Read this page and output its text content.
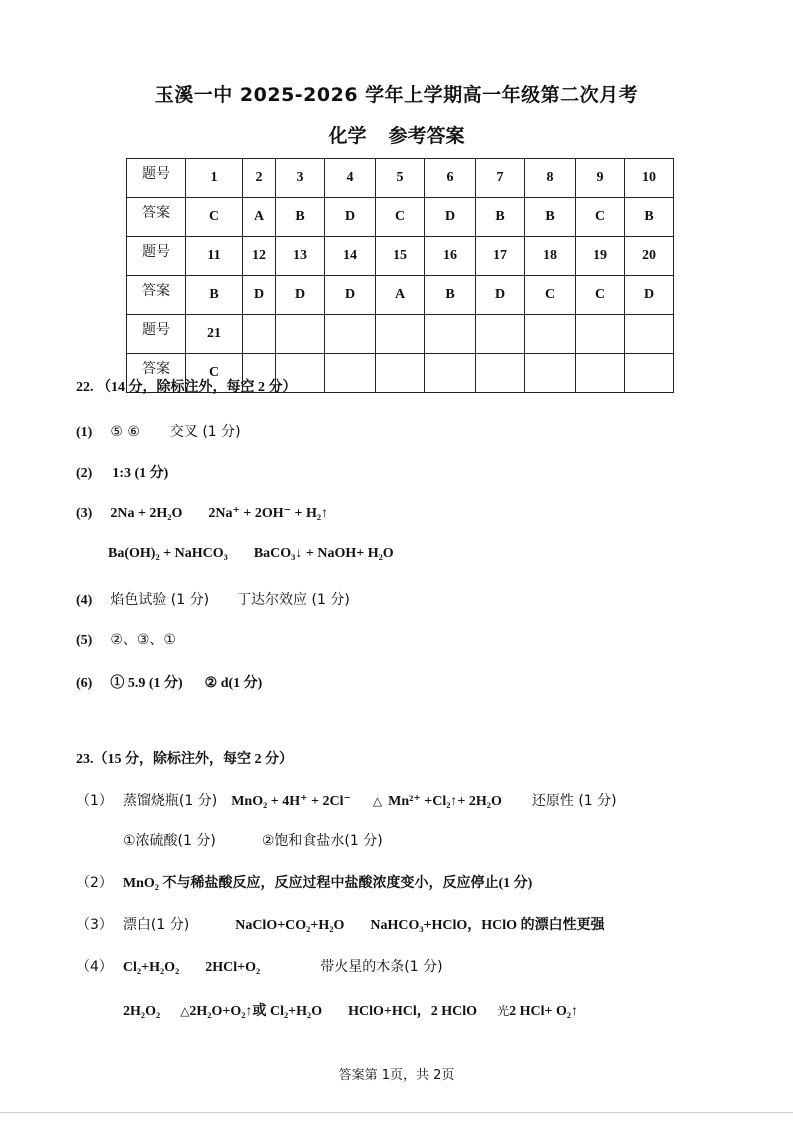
玉溪一中 2025-2026 学年上学期高一年级第二次月考
化学 参考答案
题号	1	2	3	4	5	6	7	8	9	10
答案	C	A	B	D	C	D	B	B	C	B
题号	11	12	13	14	15	16	17	18	19	20
答案	B	D	D	D	A	B	D	C	C	D
题号	21									
答案	C									
22. （14 分，除标注外，每空 2 分）
(1) ⑤ ⑥ 交叉 (1 分)
(2) 1:3 (1 分)
(3) 2Na + 2H₂O 2Na⁺ + 2OH⁻ + H₂↑
Ba(OH)₂ + NaHCO₃ BaCO₃↓ + NaOH+ H₂O
(4) 焰色试验 (1 分) 丁达尔效应 (1 分)
(5) ②、③、①
(6) ① 5.9 (1 分) ② d(1 分)
23.（15 分，除标注外，每空 2 分）
（1） 蒸馏烧瓶(1 分) MnO₂ + 4H⁺ + 2Cl⁻ △ Mn²⁺ +Cl₂↑+ 2H₂O 还原性 (1 分)
①浓硫酸(1 分)	②饱和食盐水(1 分)
（2） MnO₂ 不与稀盐酸反应，反应过程中盐酸浓度变小，反应停止(1 分)
（3） 漂白(1 分)	NaClO+CO₂+H₂O NaHCO₃+HClO，HClO 的漂白性更强
（4） Cl₂+H₂O₂ 2HCl+O₂	带火星的木条(1 分)
2H₂O₂ △2H₂O+O₂↑或 Cl₂+H₂O HClO+HCl，2 HClO 光2 HCl+ O₂↑
答案第 1页，共 2页
